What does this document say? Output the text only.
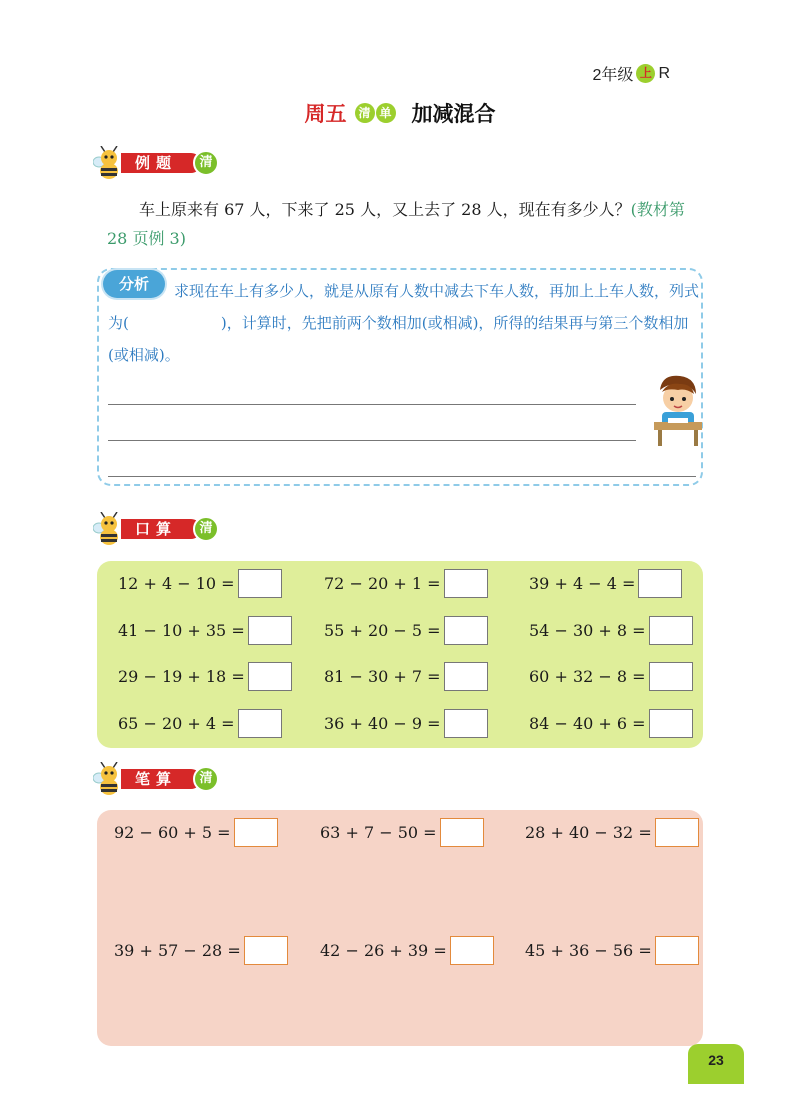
2年级 上 R
周五 清 单 加减混合
例题	清
车上原来有 67 人，下来了 25 人，又上去了 28 人，现在有多少人？(教材第 28 页例 3)
求现在车上有多少人，就是从原有人数中减去下车人数，再加上上车人数，列式为(	)，计算时，先把前两个数相加(或相减)，所得的结果再与第三个数相加(或相减)。
分析
口算	清
12 + 4 − 10 =	72 − 20 + 1 =	39 + 4 − 4 =
41 − 10 + 35 =	55 + 20 − 5 =	54 − 30 + 8 =
29 − 19 + 18 =	81 − 30 + 7 =	60 + 32 − 8 =
65 − 20 + 4 =	36 + 40 − 9 =	84 − 40 + 6 =
笔算	清
92 − 60 + 5 =	63 + 7 − 50 =	28 + 40 − 32 =
39 + 57 − 28 =	42 − 26 + 39 =	45 + 36 − 56 =
23
